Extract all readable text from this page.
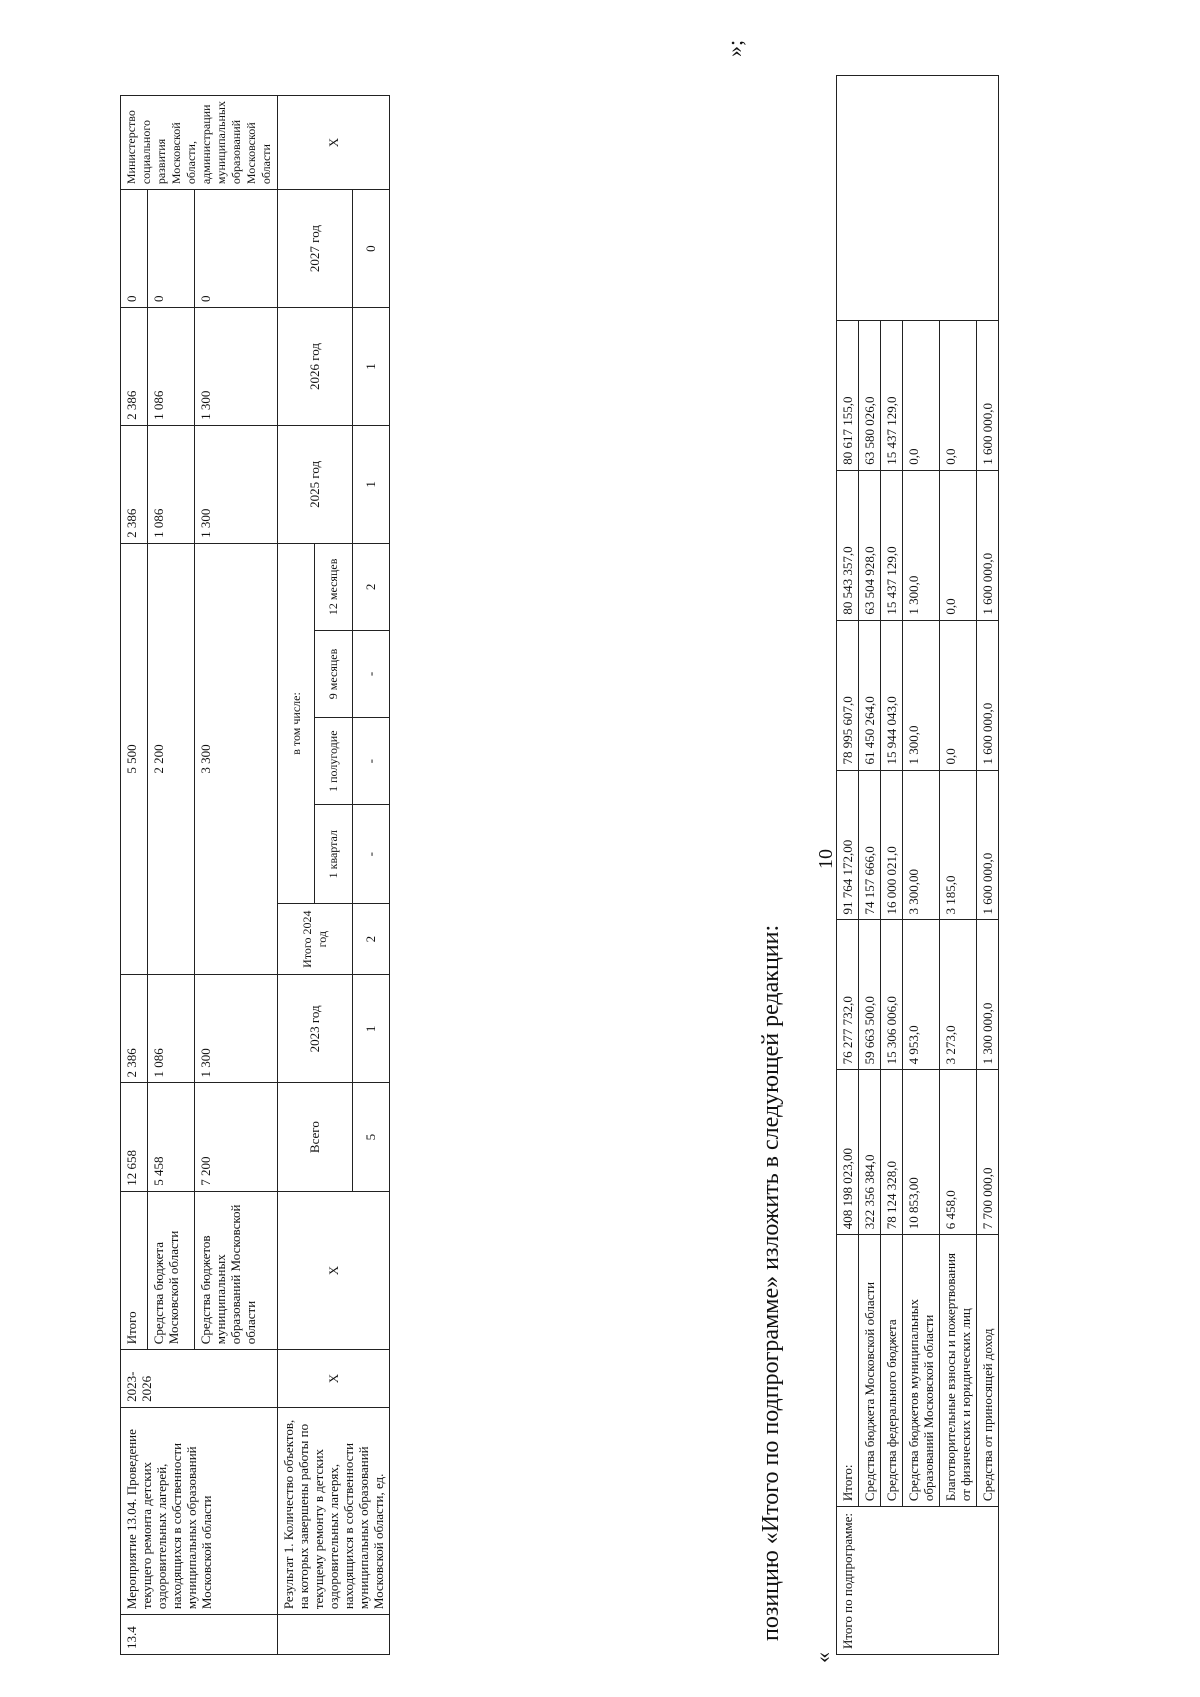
10
13.4	Мероприятие 13.04. Проведение текущего ремонта детских оздоровительных лагерей, находящихся в собственности муниципальных образований Московской области	2023-2026	Итого	12 658	2 386	5 500					2 386	2 386	0	Министерство социального развития Московской области, администрации муниципальных образований Московской области
			Средства бюджета Московской области	5 458	1 086	2 200					1 086	1 086	0	
			Средства бюджетов муниципальных образований Московской области	7 200	1 300	3 300					1 300	1 300	0	
	Результат 1. Количество объектов, на которых завершены работы по текущему ремонту в детских оздоровительных лагерях, находящихся в собственности муниципальных образований Московской области, ед.	Х	Х	Всего	2023 год	Итого 2024 год	в том числе:				2025 год	2026 год	2027 год	Х
							1 квартал	1 полугодие	9 месяцев	12 месяцев				
				5	1	2	-	-	-	2	1	1	0	
»;
позицию «Итого по подпрограмме» изложить в следующей редакции:
«
Итого по подпрограмме:	Итого:	408 198 023,00	76 277 732,0	91 764 172,00	78 995 607,0	80 543 357,0	80 617 155,0	
	Средства бюджета Московской области	322 356 384,0	59 663 500,0	74 157 666,0	61 450 264,0	63 504 928,0	63 580 026,0	
	Средства федерального бюджета	78 124 328,0	15 306 006,0	16 000 021,0	15 944 043,0	15 437 129,0	15 437 129,0	
	Средства бюджетов муниципальных образований Московской области	10 853,00	4 953,0	3 300,00	1 300,0	1 300,0	0,0	
	Благотворительные взносы и пожертвования от физических и юридических лиц	6 458,0	3 273,0	3 185,0	0,0	0,0	0,0	
	Средства от приносящей доход	7 700 000,0	1 300 000,0	1 600 000,0	1 600 000,0	1 600 000,0	1 600 000,0	
